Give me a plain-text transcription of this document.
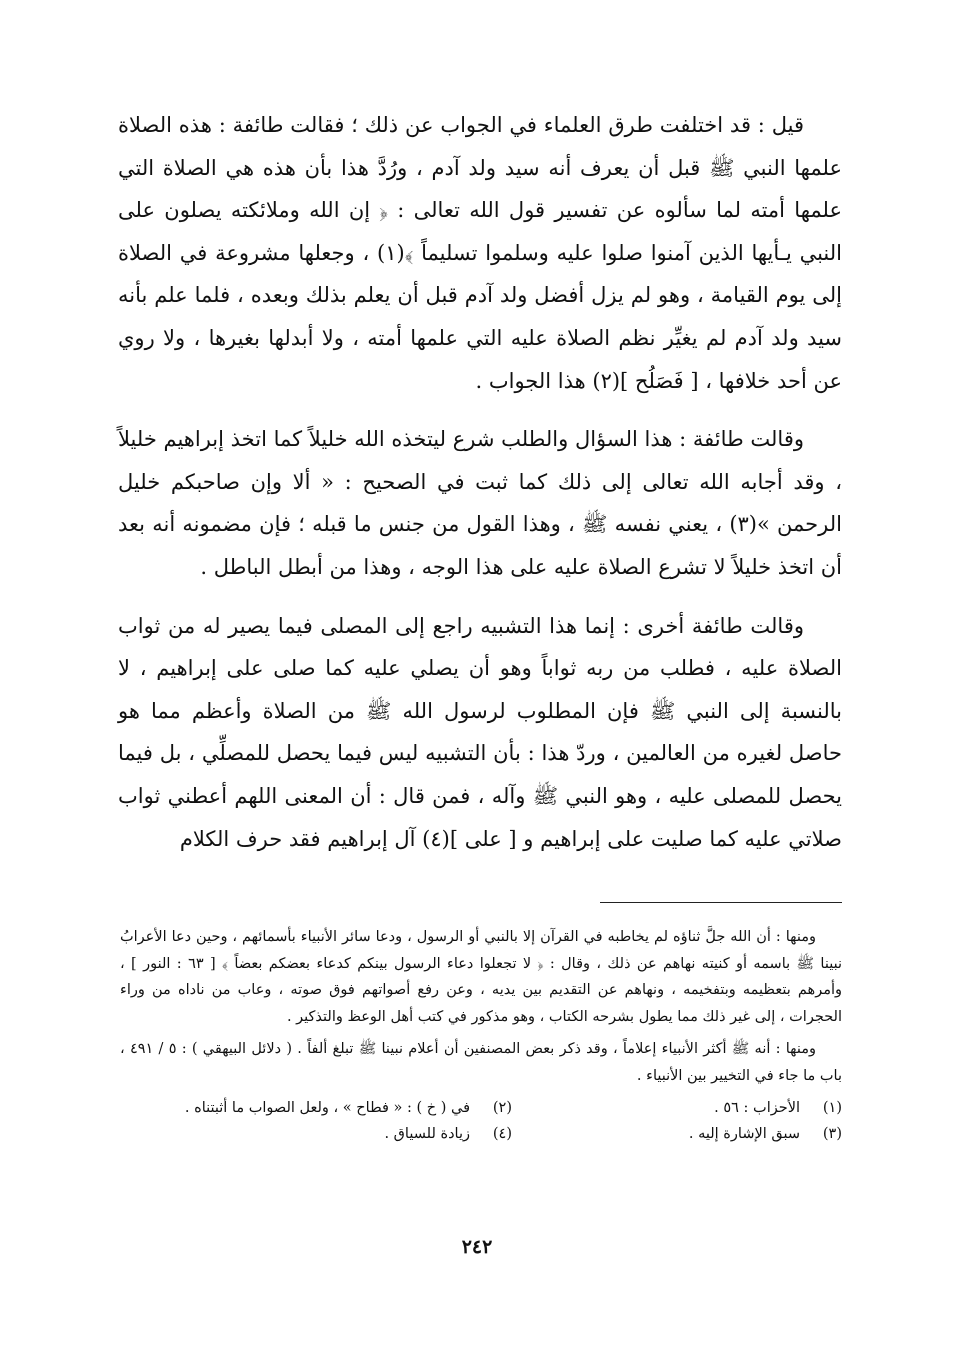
قيل : قد اختلفت طرق العلماء في الجواب عن ذلك ؛ فقالت طائفة : هذه الصلاة علمها النبي ﷺ قبل أن يعرف أنه سيد ولد آدم ، ورُدَّ هذا بأن هذه هي الصلاة التي علمها أمته لما سألوه عن تفسير قول الله تعالى : ﴿ إن الله وملائكته يصلون على النبي يـأيها الذين آمنوا صلوا عليه وسلموا تسليماً ﴾(١) ، وجعلها مشروعة في الصلاة إلى يوم القيامة ، وهو لم يزل أفضل ولد آدم قبل أن يعلم بذلك وبعده ، فلما علم بأنه سيد ولد آدم لم يغيِّر نظم الصلاة عليه التي علمها أمته ، ولا أبدلها بغيرها ، ولا روي عن أحد خلافها ، [ فَصَلُح ](٢) هذا الجواب .

وقالت طائفة : هذا السؤال والطلب شرع ليتخذه الله خليلاً كما اتخذ إبراهيم خليلاً ، وقد أجابه الله تعالى إلى ذلك كما ثبت في الصحيح : « ألا وإن صاحبكم خليل الرحمن »(٣) ، يعني نفسه ﷺ ، وهذا القول من جنس ما قبله ؛ فإن مضمونه أنه بعد أن اتخذ خليلاً لا تشرع الصلاة عليه على هذا الوجه ، وهذا من أبطل الباطل .

وقالت طائفة أخرى : إنما هذا التشبيه راجع إلى المصلى فيما يصير له من ثواب الصلاة عليه ، فطلب من ربه ثواباً وهو أن يصلي عليه كما صلى على إبراهيم ، لا بالنسبة إلى النبي ﷺ فإن المطلوب لرسول الله ﷺ من الصلاة وأعظم مما هو حاصل لغيره من العالمين ، وردّ هذا : بأن التشبيه ليس فيما يحصل للمصلِّي ، بل فيما يحصل للمصلى عليه ، وهو النبي ﷺ وآله ، فمن قال : أن المعنى اللهم أعطني ثواب صلاتي عليه كما صليت على إبراهيم و [ على ](٤) آل إبراهيم فقد حرف الكلام

ومنها : أن الله جلَّ ثناؤه لم يخاطبه في القرآن إلا بالنبي أو الرسول ، ودعا سائر الأنبياء بأسمائهم ، وحين دعا الأعرابُ نبينا ﷺ باسمه أو كنيته نهاهم عن ذلك ، وقال : ﴿ لا تجعلوا دعاء الرسول بينكم كدعاء بعضكم بعضاً ﴾ [ ٦٣ : النور ] ، وأمرهم بتعظيمه وبتفخيمه ، ونهاهم عن التقديم بين يديه ، وعن رفع أصواتهم فوق صوته ، وعاب من ناداه من وراء الحجرات ، إلى غير ذلك مما يطول بشرحه الكتاب ، وهو مذكور في كتب أهل الوعظ والتذكير .

ومنها : أنه ﷺ أكثر الأنبياء إعلاماً ، وقد ذكر بعض المصنفين أن أعلام نبينا ﷺ تبلغ ألفاً . ( دلائل البيهقي ) : ٥ / ٤٩١ ، باب ما جاء في التخيير بين الأنبياء .

(١)
الأحزاب : ٥٦ .
(٢)
في ( خ ) : « فطاح » ، ولعل الصواب ما أثبتناه .
(٣)
سبق الإشارة إليه .
(٤)
زيادة للسياق .
٢٤٢
